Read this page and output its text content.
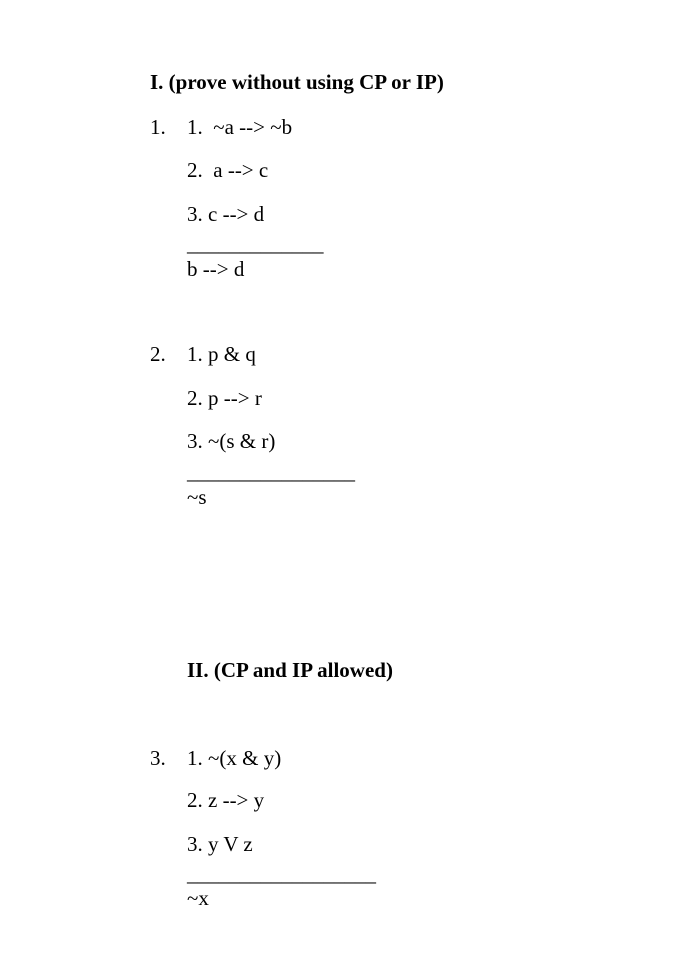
I. (prove without using CP or IP)
1. 1.  ~a --> ~b
2.  a --> c
3. c --> d
_____________
b --> d
2. 1. p & q
2. p --> r
3. ~(s & r)
________________
~s
II. (CP and IP allowed)
3. 1. ~(x & y)
2. z --> y
3. y V z
__________________
~x
